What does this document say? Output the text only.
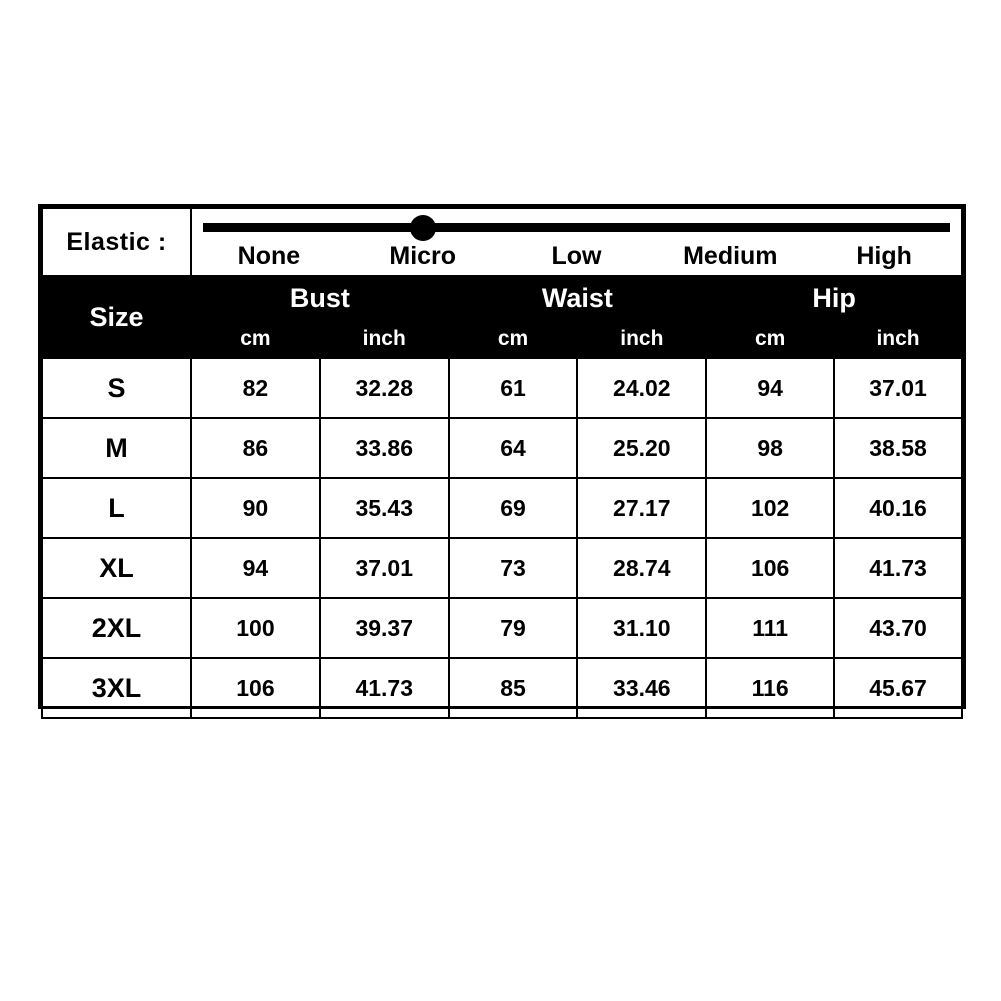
Elastic :	None Micro Low Medium High					

Size	Bust		Waist		Hip	
	cm	inch	cm	inch	cm	inch
S	82	32.28	61	24.02	94	37.01
M	86	33.86	64	25.20	98	38.58
L	90	35.43	69	27.17	102	40.16
XL	94	37.01	73	28.74	106	41.73
2XL	100	39.37	79	31.10	111	43.70
3XL	106	41.73	85	33.46	116	45.67
